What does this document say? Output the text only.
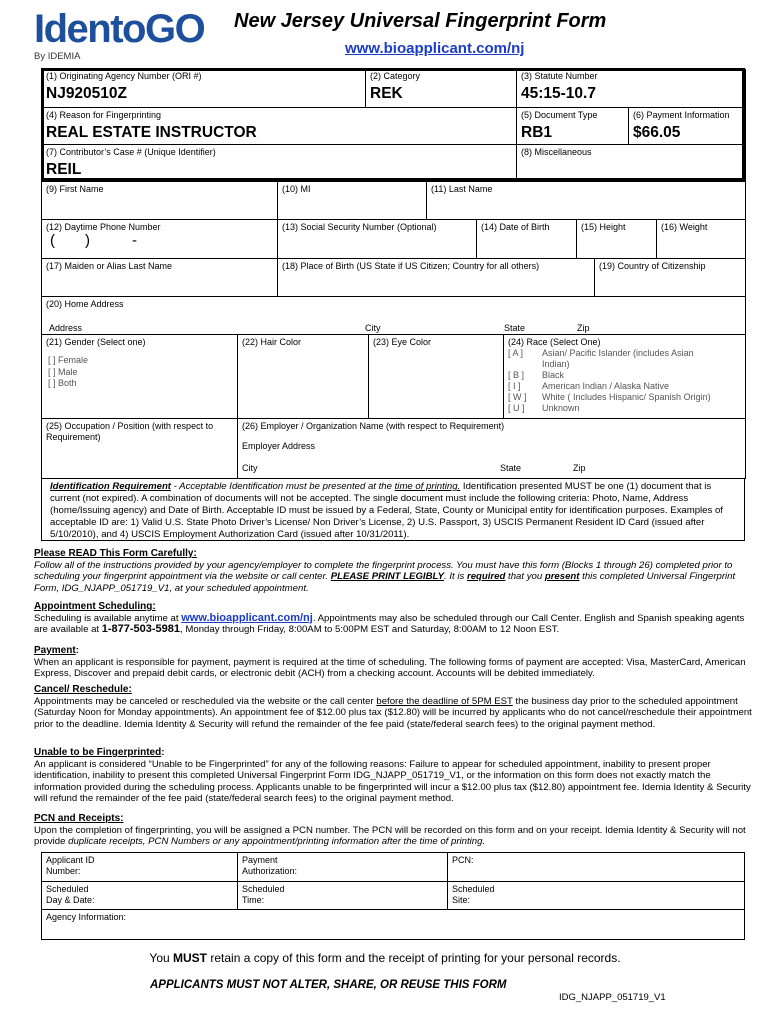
IdentoGO
By IDEMIA
New Jersey Universal Fingerprint Form
www.bioapplicant.com/nj
(1) Originating Agency Number (ORI #)
NJ920510Z
(2) Category
REK
(3) Statute Number
45:15-10.7
(4) Reason for Fingerprinting
REAL ESTATE INSTRUCTOR
(5) Document Type
RB1
(6) Payment Information
$66.05
(7) Contributor’s Case # (Unique Identifier)
REIL
(8) Miscellaneous
(9) First Name	(10) MI	(11) Last Name
(12) Daytime Phone Number
( )	-
(13) Social Security Number (Optional)	(14) Date of Birth	(15) Height	(16) Weight
(17) Maiden or Alias Last Name	(18) Place of Birth (US State if US Citizen; Country for all others)	(19) Country of Citizenship
(20) Home Address
Address	City	State	Zip
(21) Gender (Select one)
[ ] Female
[ ] Male
[ ] Both
(22) Hair Color	(23) Eye Color	(24) Race (Select One)
[ A ] Asian/ Pacific Islander (includes Asian
Indian)
[ B ] Black
[ I ] American Indian / Alaska Native
[ W ] White ( Includes Hispanic/ Spanish Origin)
[ U ] Unknown
(25) Occupation / Position (with respect to Requirement)
(26) Employer / Organization Name (with respect to Requirement)
Employer Address
City	State	Zip
Identification Requirement - Acceptable Identification must be presented at the time of printing. Identification presented MUST be one (1) document that is current (not expired). A combination of documents will not be accepted. The single document must include the following criteria: Photo, Name, Address (home/Issuing agency) and Date of Birth. Acceptable ID must be issued by a Federal, State, County or Municipal entity for identification purposes. Examples of acceptable ID are: 1) Valid U.S. State Photo Driver’s License/ Non Driver’s License, 2) U.S. Passport, 3) USCIS Permanent Resident ID Card (issued after 5/10/2010), and 4) USCIS Employment Authorization Card (issued after 10/31/2011).
Please READ This Form Carefully:
Follow all of the instructions provided by your agency/employer to complete the fingerprint process. You must have this form (Blocks 1 through 26) completed prior to scheduling your fingerprint appointment via the website or call center. PLEASE PRINT LEGIBLY. It is required that you present this completed Universal Fingerprint Form, IDG_NJAPP_051719_V1, at your scheduled appointment.
Appointment Scheduling:
Scheduling is available anytime at www.bioapplicant.com/nj. Appointments may also be scheduled through our Call Center. English and Spanish speaking agents are available at 1-877-503-5981, Monday through Friday, 8:00AM to 5:00PM EST and Saturday, 8:00AM to 12 Noon EST.
Payment:
When an applicant is responsible for payment, payment is required at the time of scheduling. The following forms of payment are accepted: Visa, MasterCard, American Express, Discover and prepaid debit cards, or electronic debit (ACH) from a checking account. Accounts will be debited immediately.
Cancel/ Reschedule:
Appointments may be canceled or rescheduled via the website or the call center before the deadline of 5PM EST the business day prior to the scheduled appointment (Saturday Noon for Monday appointments). An appointment fee of $12.00 plus tax ($12.80) will be incurred by applicants who do not cancel/reschedule their appointment prior to the deadline. Idemia Identity & Security will refund the remainder of the fee paid (state/federal search fees) to the original payment method.
Unable to be Fingerprinted:
An applicant is considered “Unable to be Fingerprinted” for any of the following reasons: Failure to appear for scheduled appointment, inability to present proper identification, inability to present this completed Universal Fingerprint Form IDG_NJAPP_051719_V1, or the information on this form does not exactly match the information provided during the scheduling process. Applicants unable to be fingerprinted will incur a $12.00 plus tax ($12.80) appointment fee. Idemia Identity & Security will refund the remainder of the fee paid (state/federal search fees) to the original payment method.
PCN and Receipts:
Upon the completion of fingerprinting, you will be assigned a PCN number. The PCN will be recorded on this form and on your receipt. Idemia Identity & Security will not provide duplicate receipts, PCN Numbers or any appointment/printing information after the time of printing.
Applicant ID
Number:
Payment
Authorization:
PCN:
Scheduled
Day & Date:
Scheduled
Time:
Scheduled
Site:
Agency Information:
You MUST retain a copy of this form and the receipt of printing for your personal records.
APPLICANTS MUST NOT ALTER, SHARE, OR REUSE THIS FORM
IDG_NJAPP_051719_V1
